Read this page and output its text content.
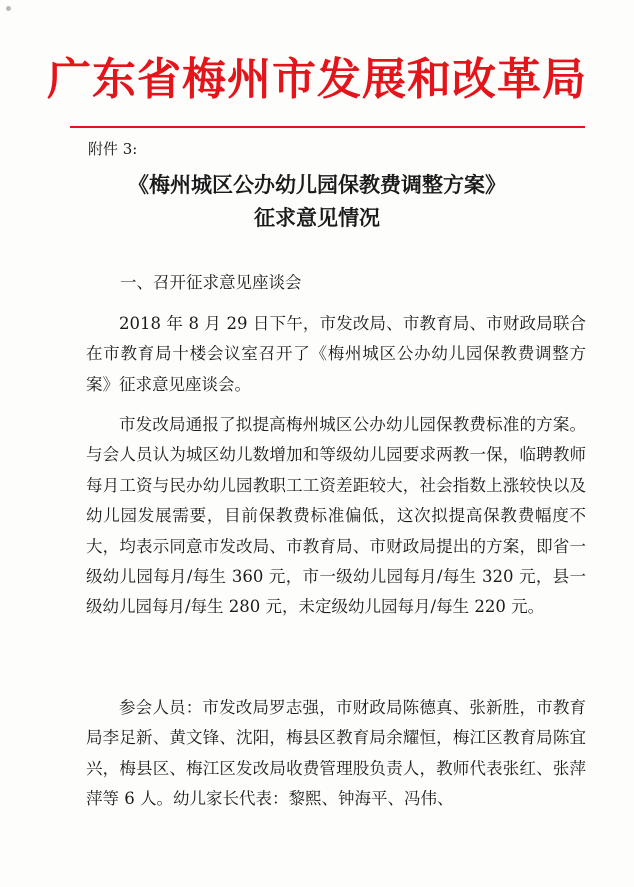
广东省梅州市发展和改革局
附件 3:
《梅州城区公办幼儿园保教费调整方案》
征求意见情况
一、召开征求意见座谈会

2018 年 8 月 29 日下午，市发改局、市教育局、市财政局联合在市教育局十楼会议室召开了《梅州城区公办幼儿园保教费调整方案》征求意见座谈会。

市发改局通报了拟提高梅州城区公办幼儿园保教费标准的方案。与会人员认为城区幼儿数增加和等级幼儿园要求两教一保，临聘教师每月工资与民办幼儿园教职工工资差距较大，社会指数上涨较快以及幼儿园发展需要，目前保教费标准偏低，这次拟提高保教费幅度不大，均表示同意市发改局、市教育局、市财政局提出的方案，即省一级幼儿园每月/每生 360 元，市一级幼儿园每月/每生 320 元，县一级幼儿园每月/每生 280 元，未定级幼儿园每月/每生 220 元。

参会人员：市发改局罗志强，市财政局陈德真、张新胜，市教育局李足新、黄文锋、沈阳，梅县区教育局余耀恒，梅江区教育局陈宜兴，梅县区、梅江区发改局收费管理股负责人，教师代表张红、张萍萍等 6 人。幼儿家长代表：黎熙、钟海平、冯伟、
